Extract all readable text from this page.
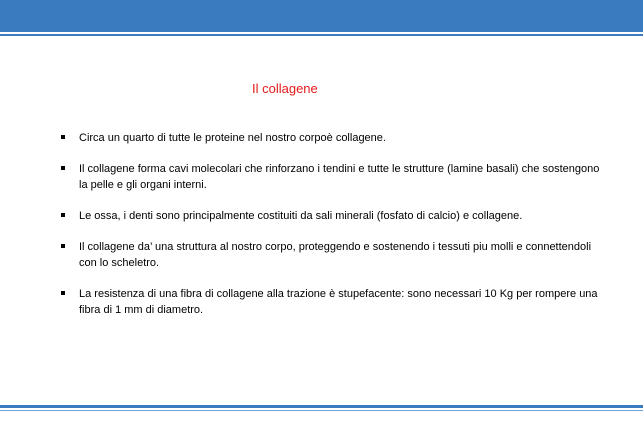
Il collagene
Circa un quarto di tutte le proteine nel nostro corpoè collagene.
Il collagene forma cavi molecolari che rinforzano i tendini e tutte le strutture (lamine basali) che sostengono la pelle e gli organi interni.
Le ossa, i denti sono principalmente costituiti da sali minerali (fosfato di calcio) e collagene.
Il collagene da’ una struttura al nostro corpo, proteggendo e sostenendo i tessuti piu molli e connettendoli con lo scheletro.
La resistenza di una fibra di collagene alla trazione è stupefacente: sono necessari 10 Kg per rompere una fibra di 1 mm di diametro.
